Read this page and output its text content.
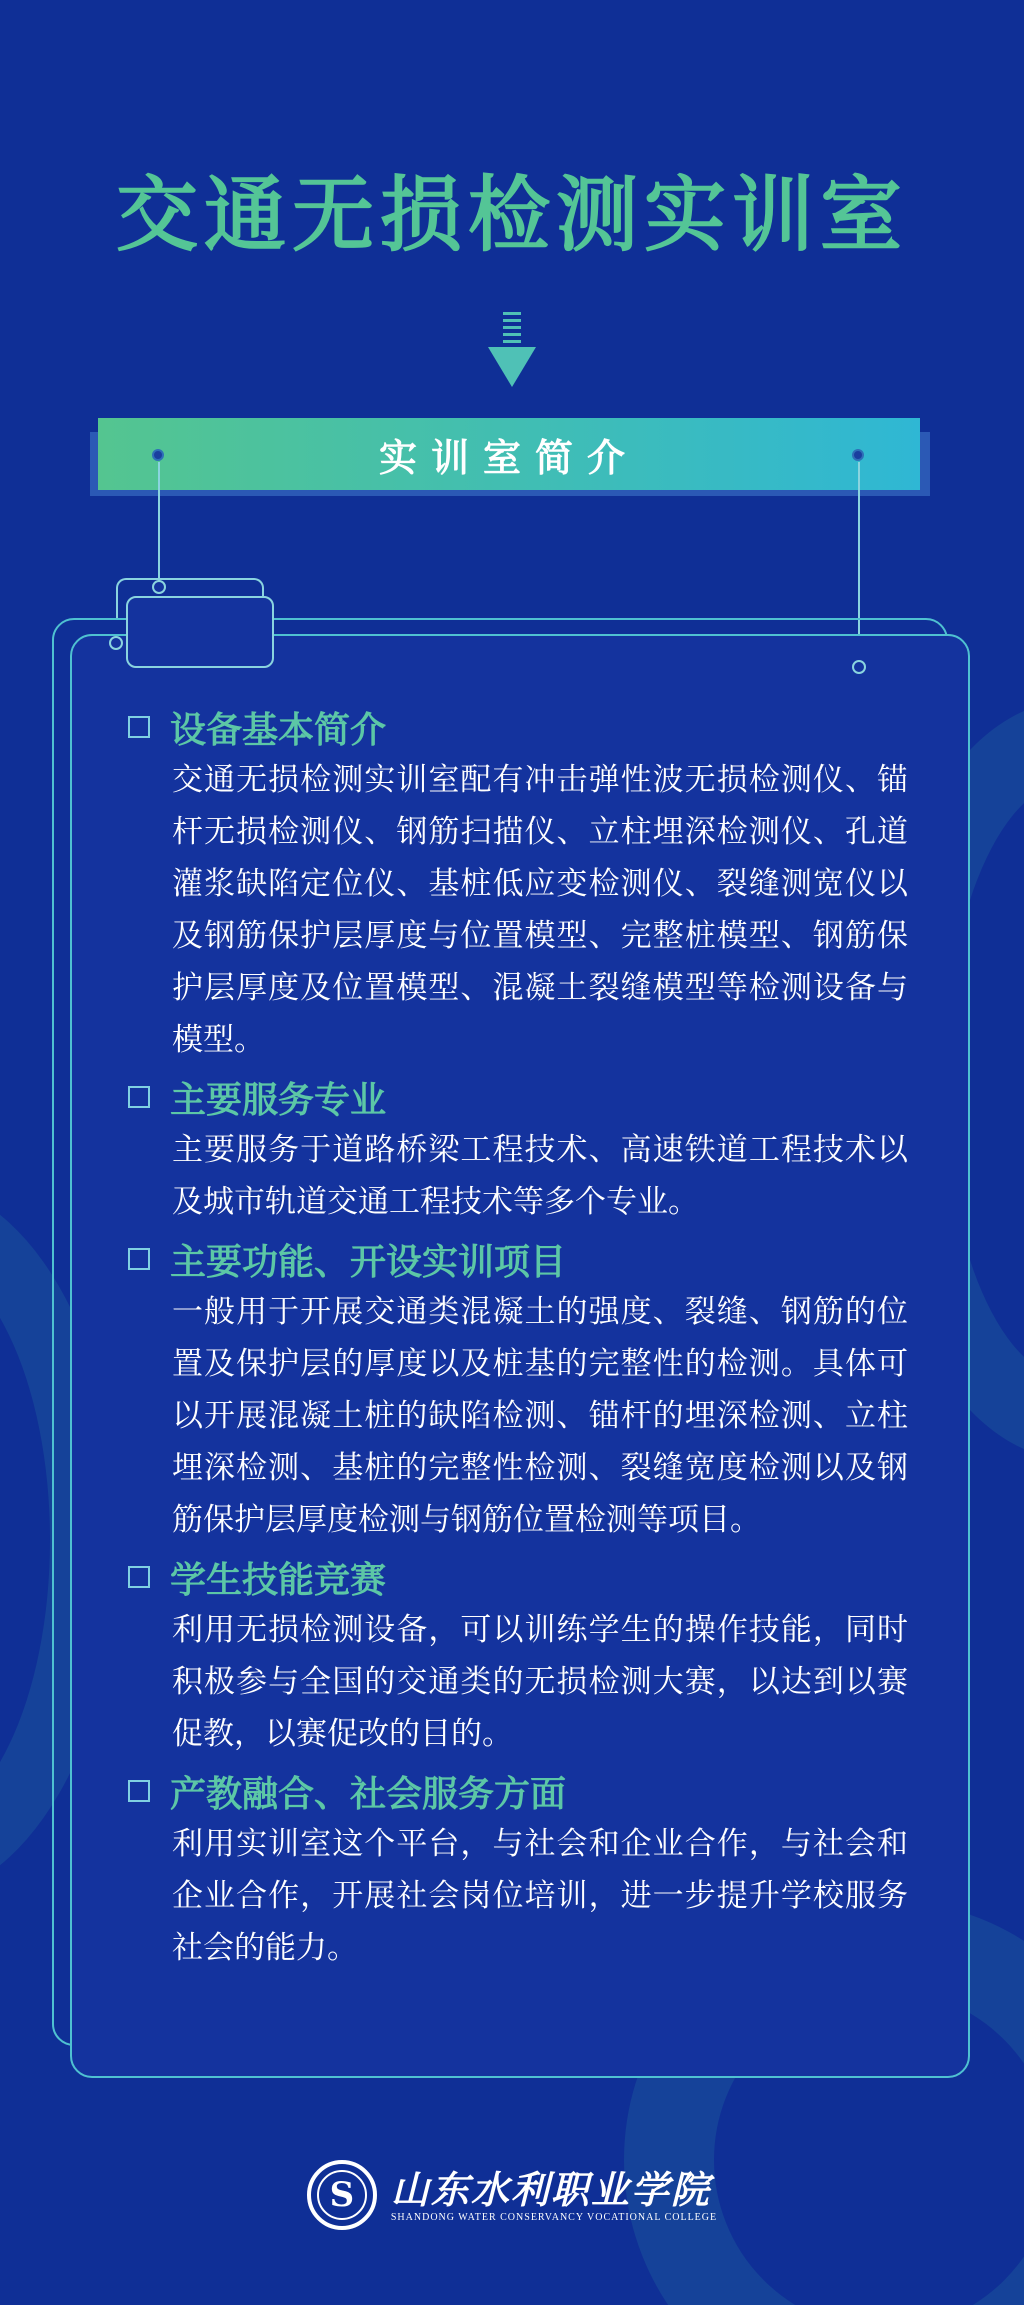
交通无损检测实训室
实训室简介
设备基本简介

交通无损检测实训室配有冲击弹性波无损检测仪、锚杆无损检测仪、钢筋扫描仪、立柱埋深检测仪、孔道灌浆缺陷定位仪、基桩低应变检测仪、裂缝测宽仪以及钢筋保护层厚度与位置模型、完整桩模型、钢筋保护层厚度及位置模型、混凝土裂缝模型等检测设备与模型。

主要服务专业

主要服务于道路桥梁工程技术、高速铁道工程技术以及城市轨道交通工程技术等多个专业。

主要功能、开设实训项目

一般用于开展交通类混凝土的强度、裂缝、钢筋的位置及保护层的厚度以及桩基的完整性的检测。具体可以开展混凝土桩的缺陷检测、锚杆的埋深检测、立柱埋深检测、基桩的完整性检测、裂缝宽度检测以及钢筋保护层厚度检测与钢筋位置检测等项目。

学生技能竞赛

利用无损检测设备，可以训练学生的操作技能，同时积极参与全国的交通类的无损检测大赛，以达到以赛促教，以赛促改的目的。

产教融合、社会服务方面

利用实训室这个平台，与社会和企业合作，与社会和企业合作，开展社会岗位培训，进一步提升学校服务社会的能力。

S 山东水利职业学院
SHANDONG WATER CONSERVANCY VOCATIONAL COLLEGE
